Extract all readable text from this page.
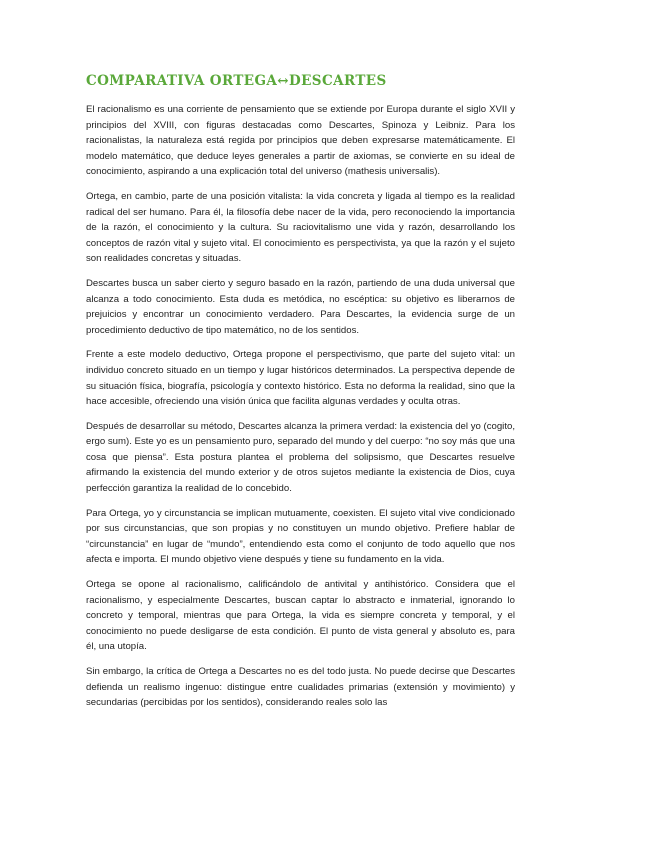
COMPARATIVA ORTEGA↔DESCARTES

El racionalismo es una corriente de pensamiento que se extiende por Europa durante el siglo XVII y principios del XVIII, con figuras destacadas como Descartes, Spinoza y Leibniz. Para los racionalistas, la naturaleza está regida por principios que deben expresarse matemáticamente. El modelo matemático, que deduce leyes generales a partir de axiomas, se convierte en su ideal de conocimiento, aspirando a una explicación total del universo (mathesis universalis).

Ortega, en cambio, parte de una posición vitalista: la vida concreta y ligada al tiempo es la realidad radical del ser humano. Para él, la filosofía debe nacer de la vida, pero reconociendo la importancia de la razón, el conocimiento y la cultura. Su raciovitalismo une vida y razón, desarrollando los conceptos de razón vital y sujeto vital. El conocimiento es perspectivista, ya que la razón y el sujeto son realidades concretas y situadas.

Descartes busca un saber cierto y seguro basado en la razón, partiendo de una duda universal que alcanza a todo conocimiento. Esta duda es metódica, no escéptica: su objetivo es liberarnos de prejuicios y encontrar un conocimiento verdadero. Para Descartes, la evidencia surge de un procedimiento deductivo de tipo matemático, no de los sentidos.

Frente a este modelo deductivo, Ortega propone el perspectivismo, que parte del sujeto vital: un individuo concreto situado en un tiempo y lugar históricos determinados. La perspectiva depende de su situación física, biografía, psicología y contexto histórico. Esta no deforma la realidad, sino que la hace accesible, ofreciendo una visión única que facilita algunas verdades y oculta otras.

Después de desarrollar su método, Descartes alcanza la primera verdad: la existencia del yo (cogito, ergo sum). Este yo es un pensamiento puro, separado del mundo y del cuerpo: “no soy más que una cosa que piensa”. Esta postura plantea el problema del solipsismo, que Descartes resuelve afirmando la existencia del mundo exterior y de otros sujetos mediante la existencia de Dios, cuya perfección garantiza la realidad de lo concebido.

Para Ortega, yo y circunstancia se implican mutuamente, coexisten. El sujeto vital vive condicionado por sus circunstancias, que son propias y no constituyen un mundo objetivo. Prefiere hablar de “circunstancia” en lugar de “mundo”, entendiendo esta como el conjunto de todo aquello que nos afecta e importa. El mundo objetivo viene después y tiene su fundamento en la vida.

Ortega se opone al racionalismo, calificándolo de antivital y antihistórico. Considera que el racionalismo, y especialmente Descartes, buscan captar lo abstracto e inmaterial, ignorando lo concreto y temporal, mientras que para Ortega, la vida es siempre concreta y temporal, y el conocimiento no puede desligarse de esta condición. El punto de vista general y absoluto es, para él, una utopía.

Sin embargo, la crítica de Ortega a Descartes no es del todo justa. No puede decirse que Descartes defienda un realismo ingenuo: distingue entre cualidades primarias (extensión y movimiento) y secundarias (percibidas por los sentidos), considerando reales solo las
